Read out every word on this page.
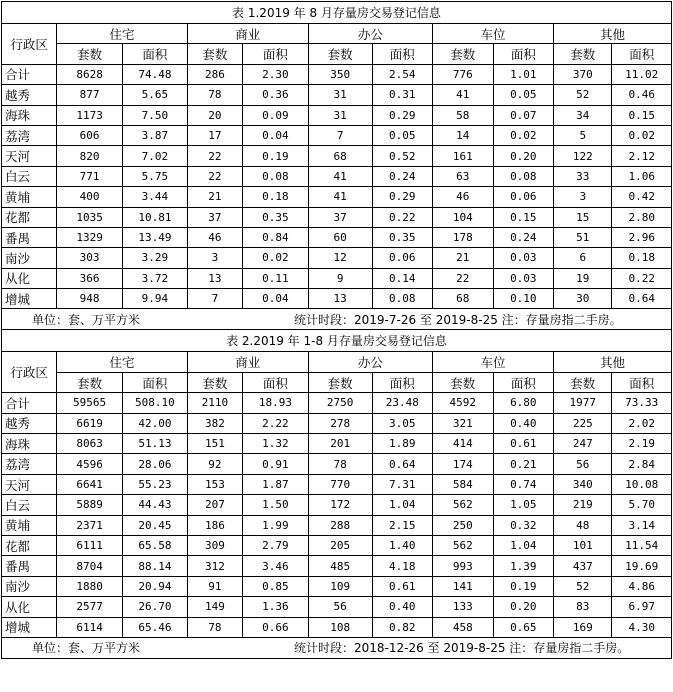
表 1.2019 年 8 月存量房交易登记信息										
行政区	住宅		商业		办公		车位		其他	
	套数	面积	套数	面积	套数	面积	套数	面积	套数	面积
合计	8628	74.48	286	2.30	350	2.54	776	1.01	370	11.02
越秀	877	5.65	78	0.36	31	0.31	41	0.05	52	0.46
海珠	1173	7.50	20	0.09	31	0.29	58	0.07	34	0.15
荔湾	606	3.87	17	0.04	7	0.05	14	0.02	5	0.02
天河	820	7.02	22	0.19	68	0.52	161	0.20	122	2.12
白云	771	5.75	22	0.08	41	0.24	63	0.08	33	1.06
黄埔	400	3.44	21	0.18	41	0.29	46	0.06	3	0.42
花都	1035	10.81	37	0.35	37	0.22	104	0.15	15	2.80
番禺	1329	13.49	46	0.84	60	0.35	178	0.24	51	2.96
南沙	303	3.29	3	0.02	12	0.06	21	0.03	6	0.18
从化	366	3.72	13	0.11	9	0.14	22	0.03	19	0.22
增城	948	9.94	7	0.04	13	0.08	68	0.10	30	0.64
单位：套、万平方米 统计时段：2019-7-26 至 2019-8-25 注：存量房指二手房。										
表 2.2019 年 1-8 月存量房交易登记信息										
行政区	住宅		商业		办公		车位		其他	
	套数	面积	套数	面积	套数	面积	套数	面积	套数	面积
合计	59565	508.10	2110	18.93	2750	23.48	4592	6.80	1977	73.33
越秀	6619	42.00	382	2.22	278	3.05	321	0.40	225	2.02
海珠	8063	51.13	151	1.32	201	1.89	414	0.61	247	2.19
荔湾	4596	28.06	92	0.91	78	0.64	174	0.21	56	2.84
天河	6641	55.23	153	1.87	770	7.31	584	0.74	340	10.08
白云	5889	44.43	207	1.50	172	1.04	562	1.05	219	5.70
黄埔	2371	20.45	186	1.99	288	2.15	250	0.32	48	3.14
花都	6111	65.58	309	2.79	205	1.40	562	1.04	101	11.54
番禺	8704	88.14	312	3.46	485	4.18	993	1.39	437	19.69
南沙	1880	20.94	91	0.85	109	0.61	141	0.19	52	4.86
从化	2577	26.70	149	1.36	56	0.40	133	0.20	83	6.97
增城	6114	65.46	78	0.66	108	0.82	458	0.65	169	4.30
单位：套、万平方米 统计时段：2018-12-26 至 2019-8-25 注：存量房指二手房。										
